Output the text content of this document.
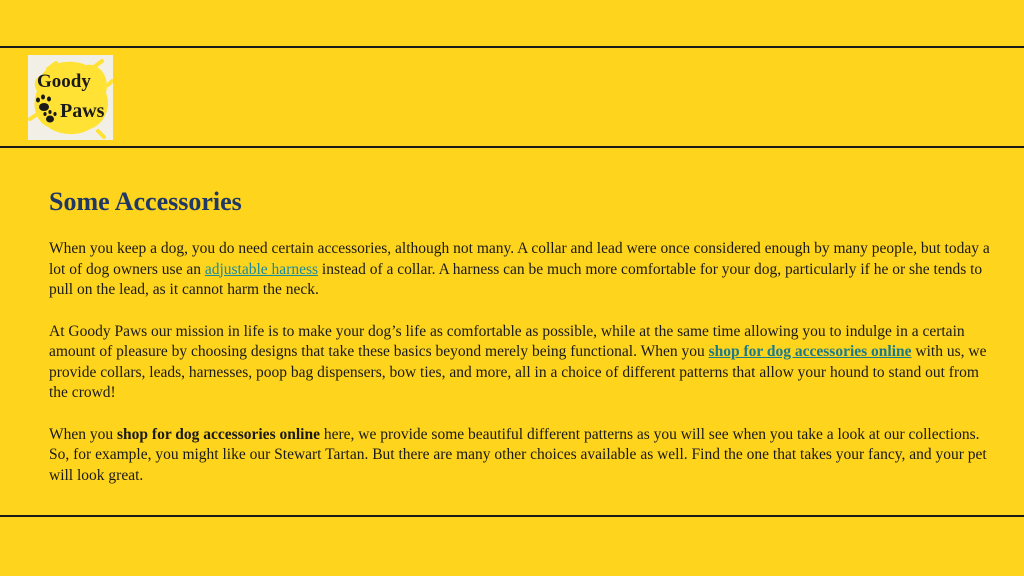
Goody
Paws
Some Accessories

When you keep a dog, you do need certain accessories, although not many. A collar and lead were once considered enough by many people, but today a lot of dog owners use an adjustable harness instead of a collar. A harness can be much more comfortable for your dog, particularly if he or she tends to pull on the lead, as it cannot harm the neck.

At Goody Paws our mission in life is to make your dog’s life as comfortable as possible, while at the same time allowing you to indulge in a certain amount of pleasure by choosing designs that take these basics beyond merely being functional. When you shop for dog accessories online with us, we provide collars, leads, harnesses, poop bag dispensers, bow ties, and more, all in a choice of different patterns that allow your hound to stand out from the crowd!

When you shop for dog accessories online here, we provide some beautiful different patterns as you will see when you take a look at our collections. So, for example, you might like our Stewart Tartan. But there are many other choices available as well. Find the one that takes your fancy, and your pet will look great.
